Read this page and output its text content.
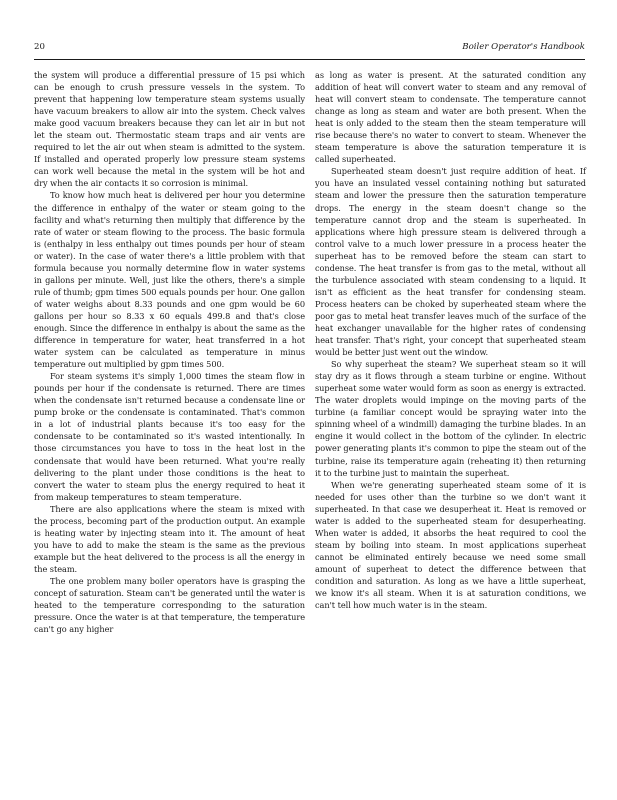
20	Boiler Operator's Handbook

the system will produce a differential pressure of 15 psi which can be enough to crush pressure vessels in the system. To prevent that happening low temperature steam systems usually have vacuum breakers to allow air into the system. Check valves make good vacuum breakers because they can let air in but not let the steam out. Thermostatic steam traps and air vents are required to let the air out when steam is admitted to the system. If installed and operated properly low pressure steam systems can work well because the metal in the system will be hot and dry when the air contacts it so corrosion is minimal.

To know how much heat is delivered per hour you determine the difference in enthalpy of the water or steam going to the facility and what's returning then multiply that difference by the rate of water or steam flowing to the process. The basic formula is (enthalpy in less enthalpy out times pounds per hour of steam or water). In the case of water there's a little problem with that formula because you normally determine flow in water systems in gallons per minute. Well, just like the others, there's a simple rule of thumb; gpm times 500 equals pounds per hour. One gallon of water weighs about 8.33 pounds and one gpm would be 60 gallons per hour so 8.33 x 60 equals 499.8 and that's close enough. Since the difference in enthalpy is about the same as the difference in temperature for water, heat transferred in a hot water system can be calculated as temperature in minus temperature out multiplied by gpm times 500.

For steam systems it's simply 1,000 times the steam flow in pounds per hour if the condensate is returned. There are times when the condensate isn't returned because a condensate line or pump broke or the condensate is contaminated. That's common in a lot of industrial plants because it's too easy for the condensate to be contaminated so it's wasted intentionally. In those circumstances you have to toss in the heat lost in the condensate that would have been returned. What you're really delivering to the plant under those conditions is the heat to convert the water to steam plus the energy required to heat it from makeup temperatures to steam temperature.

There are also applications where the steam is mixed with the process, becoming part of the production output. An example is heating water by injecting steam into it. The amount of heat you have to add to make the steam is the same as the previous example but the heat delivered to the process is all the energy in the steam.

The one problem many boiler operators have is grasping the concept of saturation. Steam can't be generated until the water is heated to the temperature corresponding to the saturation pressure. Once the water is at that temperature, the temperature can't go any higher

as long as water is present. At the saturated condition any addition of heat will convert water to steam and any removal of heat will convert steam to condensate. The temperature cannot change as long as steam and water are both present. When the heat is only added to the steam then the steam temperature will rise because there's no water to convert to steam. Whenever the steam temperature is above the saturation temperature it is called superheated.

Superheated steam doesn't just require addition of heat. If you have an insulated vessel containing nothing but saturated steam and lower the pressure then the saturation temperature drops. The energy in the steam doesn't change so the temperature cannot drop and the steam is superheated. In applications where high pressure steam is delivered through a control valve to a much lower pressure in a process heater the superheat has to be removed before the steam can start to condense. The heat transfer is from gas to the metal, without all the turbulence associated with steam condensing to a liquid. It isn't as efficient as the heat transfer for condensing steam. Process heaters can be choked by superheated steam where the poor gas to metal heat transfer leaves much of the surface of the heat exchanger unavailable for the higher rates of condensing heat transfer. That's right, your concept that superheated steam would be better just went out the window.

So why superheat the steam? We superheat steam so it will stay dry as it flows through a steam turbine or engine. Without superheat some water would form as soon as energy is extracted. The water droplets would impinge on the moving parts of the turbine (a familiar concept would be spraying water into the spinning wheel of a windmill) damaging the turbine blades. In an engine it would collect in the bottom of the cylinder. In electric power generating plants it's common to pipe the steam out of the turbine, raise its temperature again (reheating it) then returning it to the turbine just to maintain the superheat.

When we're generating superheated steam some of it is needed for uses other than the turbine so we don't want it superheated. In that case we desuperheat it. Heat is removed or water is added to the superheated steam for desuperheating. When water is added, it absorbs the heat required to cool the steam by boiling into steam. In most applications superheat cannot be eliminated entirely because we need some small amount of superheat to detect the difference between that condition and saturation. As long as we have a little superheat, we know it's all steam. When it is at saturation conditions, we can't tell how much water is in the steam.
